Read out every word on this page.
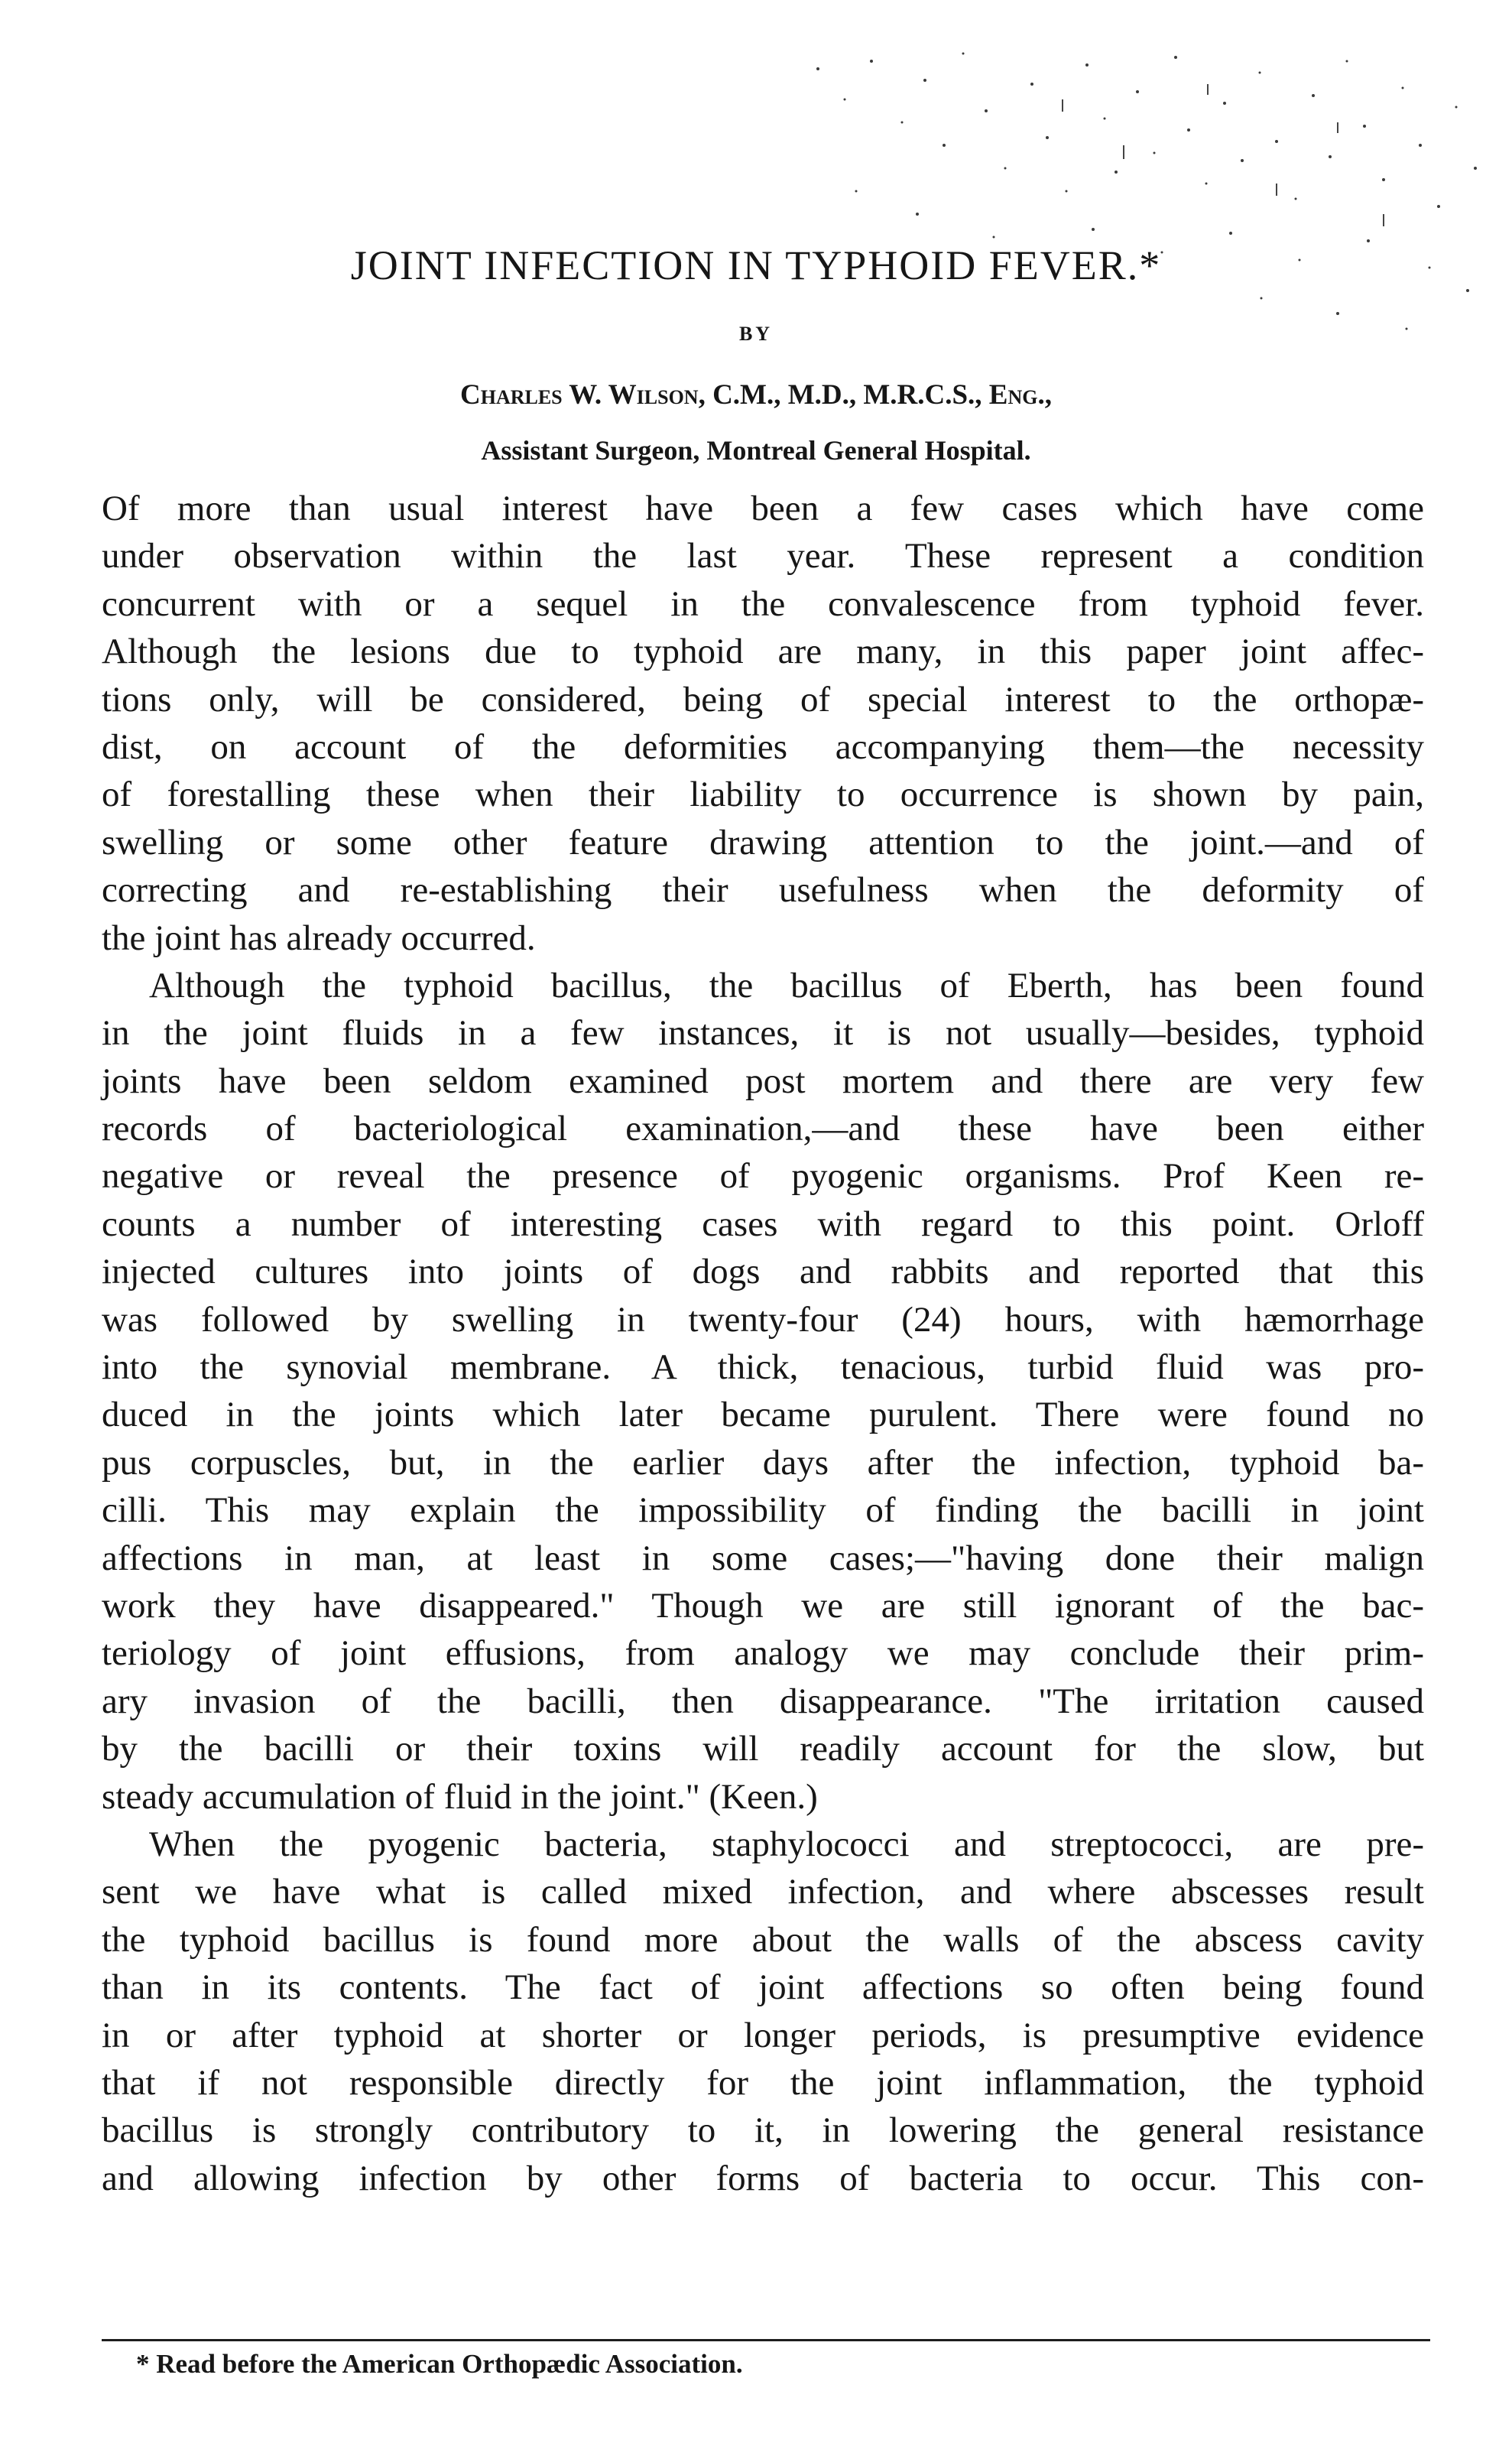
JOINT INFECTION IN TYPHOID FEVER.*
BY
Charles W. Wilson, C.M., M.D., M.R.C.S., Eng.,
Assistant Surgeon, Montreal General Hospital.
Of more than usual interest have been a few cases which have come
under observation within the last year. These represent a condition
concurrent with or a sequel in the convalescence from typhoid fever.
Although the lesions due to typhoid are many, in this paper joint affec-
tions only, will be considered, being of special interest to the orthopæ-
dist, on account of the deformities accompanying them—the necessity
of forestalling these when their liability to occurrence is shown by pain,
swelling or some other feature drawing attention to the joint.—and of
correcting and re-establishing their usefulness when the deformity of
the joint has already occurred.
Although the typhoid bacillus, the bacillus of Eberth, has been found
in the joint fluids in a few instances, it is not usually—besides, typhoid
joints have been seldom examined post mortem and there are very few
records of bacteriological examination,—and these have been either
negative or reveal the presence of pyogenic organisms. Prof Keen re-
counts a number of interesting cases with regard to this point. Orloff
injected cultures into joints of dogs and rabbits and reported that this
was followed by swelling in twenty-four (24) hours, with hæmorrhage
into the synovial membrane. A thick, tenacious, turbid fluid was pro-
duced in the joints which later became purulent. There were found no
pus corpuscles, but, in the earlier days after the infection, typhoid ba-
cilli. This may explain the impossibility of finding the bacilli in joint
affections in man, at least in some cases;—"having done their malign
work they have disappeared." Though we are still ignorant of the bac-
teriology of joint effusions, from analogy we may conclude their prim-
ary invasion of the bacilli, then disappearance. "The irritation caused
by the bacilli or their toxins will readily account for the slow, but
steady accumulation of fluid in the joint." (Keen.)
When the pyogenic bacteria, staphylococci and streptococci, are pre-
sent we have what is called mixed infection, and where abscesses result
the typhoid bacillus is found more about the walls of the abscess cavity
than in its contents. The fact of joint affections so often being found
in or after typhoid at shorter or longer periods, is presumptive evidence
that if not responsible directly for the joint inflammation, the typhoid
bacillus is strongly contributory to it, in lowering the general resistance
and allowing infection by other forms of bacteria to occur. This con-
* Read before the American Orthopædic Association.
